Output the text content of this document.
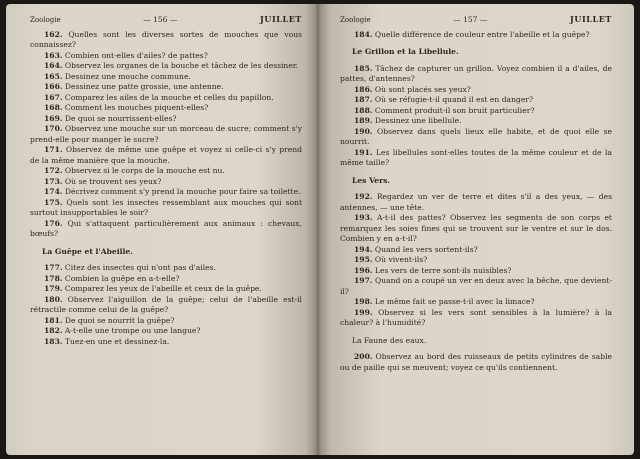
Zoologie	— 156 —	JUILLET

162. Quelles sont les diverses sortes de mouches que vous connaissez?

163. Combien ont-elles d'ailes? de pattes?

164. Observez les organes de la bouche et tâchez de les dessiner.

165. Dessinez une mouche commune.

166. Dessinez une patte grossie, une antenne.

167. Comparez les ailes de la mouche et celles du papillon.

168. Comment les mouches piquent-elles?

169. De quoi se nourrissent-elles?

170. Observez une mouche sur un morceau de sucre; comment s'y prend-elle pour manger le sucre?

171. Observez de même une guêpe et voyez si celle-ci s'y prend de la même manière que la mouche.

172. Observez si le corps de la mouche est nu.

173. Où se trouvent ses yeux?

174. Décrivez comment s'y prend la mouche pour faire sa toilette.

175. Quels sont les insectes ressemblant aux mouches qui sont surtout insupportables le soir?

176. Qui s'attaquent particulièrement aux animaux : chevaux, bœufs?

La Guêpe et l'Abeille.

177. Citez des insectes qui n'ont pas d'ailes.

178. Combien la guêpe en a-t-elle?

179. Comparez les yeux de l'abeille et ceux de la guêpe.

180. Observez l'aiguillon de la guêpe; celui de l'abeille est-il rétractile comme celui de la guêpe?

181. De quoi se nourrit la guêpe?

182. A-t-elle une trompe ou une langue?

183. Tuez-en une et dessinez-la.

Zoologie	— 157 —	JUILLET

184. Quelle différence de couleur entre l'abeille et la guêpe?

Le Grillon et la Libellule.

185. Tâchez de capturer un grillon. Voyez combien il a d'ailes, de pattes, d'antennes?

186. Où sont placés ses yeux?

187. Où se réfugie-t-il quand il est en danger?

188. Comment produit-il son bruit particulier?

189. Dessinez une libellule.

190. Observez dans quels lieux elle habite, et de quoi elle se nourrit.

191. Les libellules sont-elles toutes de la même couleur et de la même taille?

Les Vers.

192. Regardez un ver de terre et dites s'il a des yeux, — des antennes, — une tête.

193. A-t-il des pattes? Observez les segments de son corps et remarquez les soies fines qui se trouvent sur le ventre et sur le dos. Combien y en a-t-il?

194. Quand les vers sortent-ils?

195. Où vivent-ils?

196. Les vers de terre sont-ils nuisibles?

197. Quand on a coupé un ver en deux avec la bêche, que devient-il?

198. Le même fait se passe-t-il avec la limace?

199. Observez si les vers sont sensibles à la lumière? à la chaleur? à l'humidité?

La Faune des eaux.

200. Observez au bord des ruisseaux de petits cylindres de sable ou de paille qui se meuvent; voyez ce qu'ils contiennent.
